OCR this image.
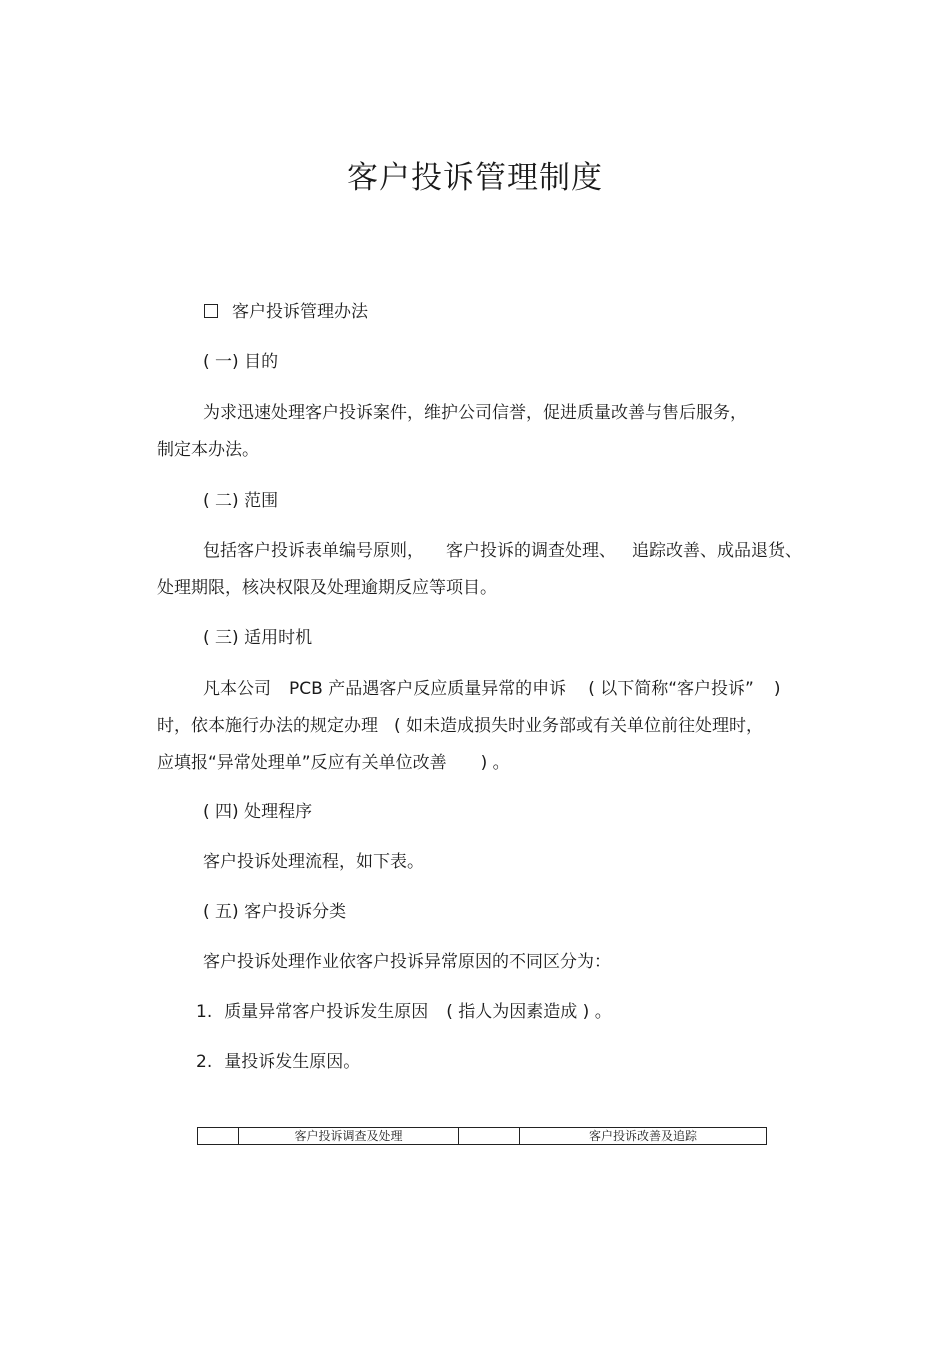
客户投诉管理制度
客户投诉管理办法
( 一) 目的
为求迅速处理客户投诉案件，维护公司信誉，促进质量改善与售后服务，
制定本办法。
( 二) 范围
包括客户投诉表单编号原则， 客户投诉的调查处理、 追踪改善、成品退货、
处理期限，核决权限及处理逾期反应等项目。
( 三) 适用时机
凡本公司 PCB 产品遇客户反应质量异常的申诉 ( 以下简称“客户投诉” )
时，依本施行办法的规定办理 ( 如未造成损失时业务部或有关单位前往处理时，
应填报“异常处理单”反应有关单位改善 ) 。
( 四) 处理程序
客户投诉处理流程，如下表。
( 五) 客户投诉分类
客户投诉处理作业依客户投诉异常原因的不同区分为：
1. 质量异常客户投诉发生原因 ( 指人为因素造成 ) 。
2. 量投诉发生原因。
	客户投诉调查及处理		客户投诉改善及追踪
